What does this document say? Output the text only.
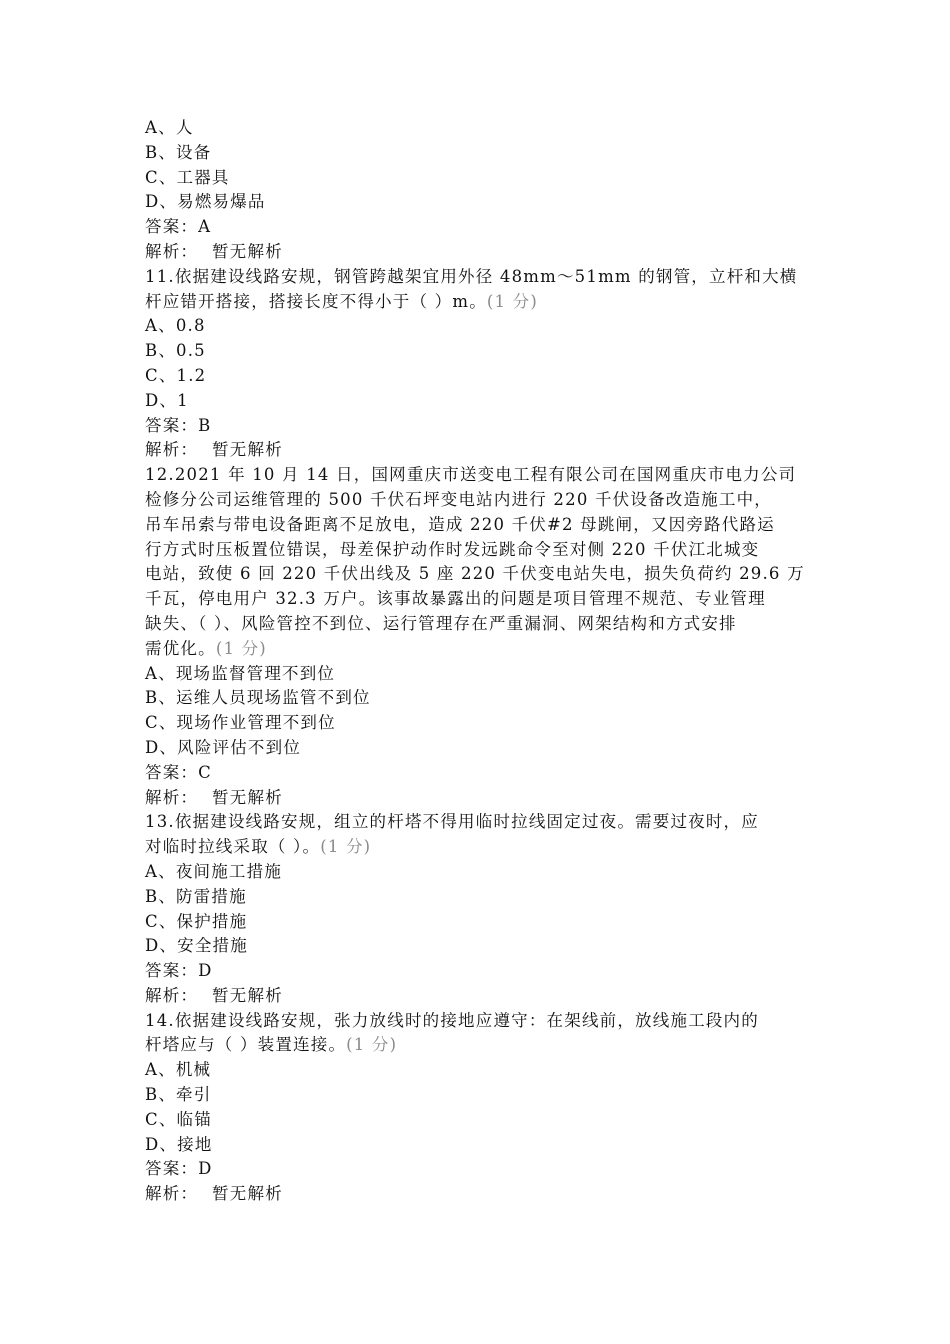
A、人
B、设备
C、工器具
D、易燃易爆品
答案：A
解析： 暂无解析
11.依据建设线路安规，钢管跨越架宜用外径 48mm～51mm 的钢管，立杆和大横
杆应错开搭接，搭接长度不得小于（ ）m。(1 分)
A、0.8
B、0.5
C、1.2
D、1
答案：B
解析： 暂无解析
12.2021 年 10 月 14 日，国网重庆市送变电工程有限公司在国网重庆市电力公司
检修分公司运维管理的 500 千伏石坪变电站内进行 220 千伏设备改造施工中，
吊车吊索与带电设备距离不足放电，造成 220 千伏#2 母跳闸，又因旁路代路运
行方式时压板置位错误，母差保护动作时发远跳命令至对侧 220 千伏江北城变
电站，致使 6 回 220 千伏出线及 5 座 220 千伏变电站失电，损失负荷约 29.6 万
千瓦，停电用户 32.3 万户。该事故暴露出的问题是项目管理不规范、专业管理
缺失、（ ）、风险管控不到位、运行管理存在严重漏洞、网架结构和方式安排
需优化。(1 分)
A、现场监督管理不到位
B、运维人员现场监管不到位
C、现场作业管理不到位
D、风险评估不到位
答案：C
解析： 暂无解析
13.依据建设线路安规，组立的杆塔不得用临时拉线固定过夜。需要过夜时，应
对临时拉线采取（ ）。(1 分)
A、夜间施工措施
B、防雷措施
C、保护措施
D、安全措施
答案：D
解析： 暂无解析
14.依据建设线路安规，张力放线时的接地应遵守：在架线前，放线施工段内的
杆塔应与（ ）装置连接。(1 分)
A、机械
B、牵引
C、临锚
D、接地
答案：D
解析： 暂无解析
